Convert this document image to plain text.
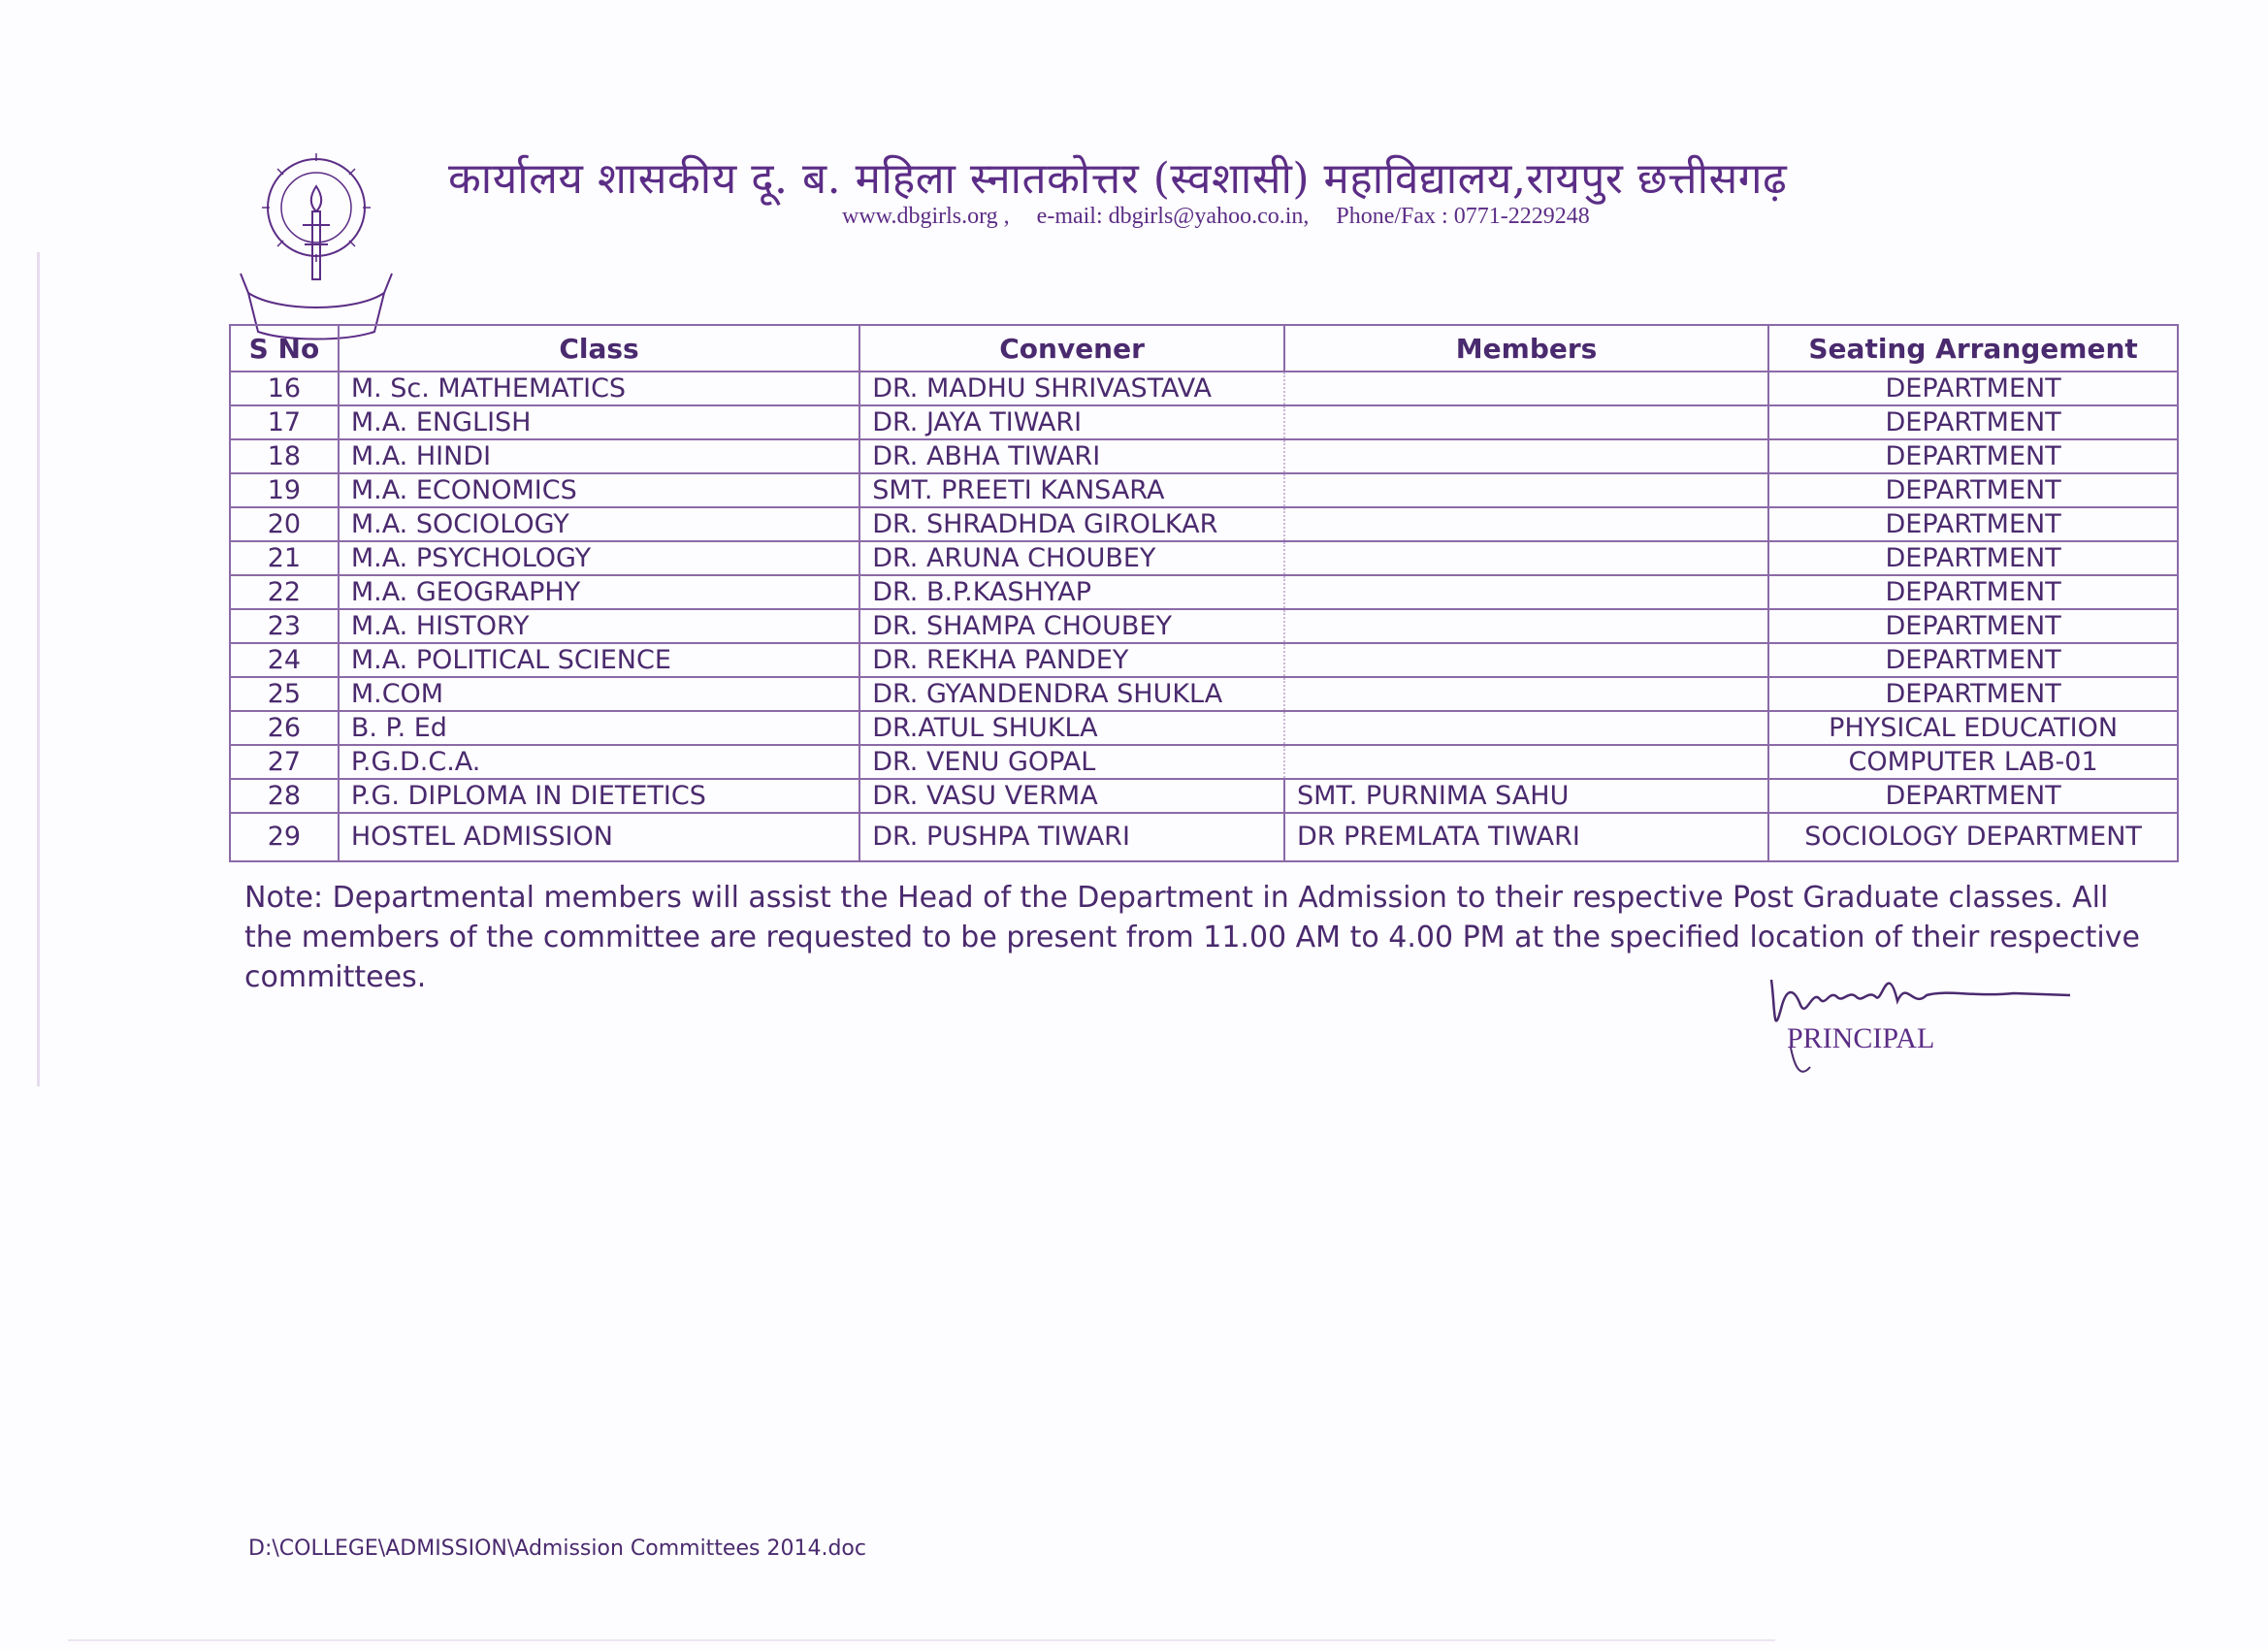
कार्यालय शासकीय दू. ब. महिला स्नातकोत्तर (स्वशासी) महाविद्यालय,रायपुर छत्तीसगढ़
www.dbgirls.org , e-mail: dbgirls@yahoo.co.in, Phone/Fax : 0771-2229248
S No	Class	Convener	Members	Seating Arrangement
16	M. Sc. MATHEMATICS	DR. MADHU SHRIVASTAVA		DEPARTMENT
17	M.A. ENGLISH	DR. JAYA TIWARI		DEPARTMENT
18	M.A. HINDI	DR. ABHA TIWARI		DEPARTMENT
19	M.A. ECONOMICS	SMT. PREETI KANSARA		DEPARTMENT
20	M.A. SOCIOLOGY	DR. SHRADHDA GIROLKAR		DEPARTMENT
21	M.A. PSYCHOLOGY	DR. ARUNA CHOUBEY		DEPARTMENT
22	M.A. GEOGRAPHY	DR. B.P.KASHYAP		DEPARTMENT
23	M.A. HISTORY	DR. SHAMPA CHOUBEY		DEPARTMENT
24	M.A. POLITICAL SCIENCE	DR. REKHA PANDEY		DEPARTMENT
25	M.COM	DR. GYANDENDRA SHUKLA		DEPARTMENT
26	B. P. Ed	DR.ATUL SHUKLA		PHYSICAL EDUCATION
27	P.G.D.C.A.	DR. VENU GOPAL		COMPUTER LAB-01
28	P.G. DIPLOMA IN DIETETICS	DR. VASU VERMA	SMT. PURNIMA SAHU	DEPARTMENT
29	HOSTEL ADMISSION	DR. PUSHPA TIWARI	DR PREMLATA TIWARI	SOCIOLOGY DEPARTMENT
Note: Departmental members will assist the Head of the Department in Admission to their respective Post Graduate classes. All the members of the committee are requested to be present from 11.00 AM to 4.00 PM at the specified location of their respective committees.
PRINCIPAL
D:\COLLEGE\ADMISSION\Admission Committees 2014.doc
